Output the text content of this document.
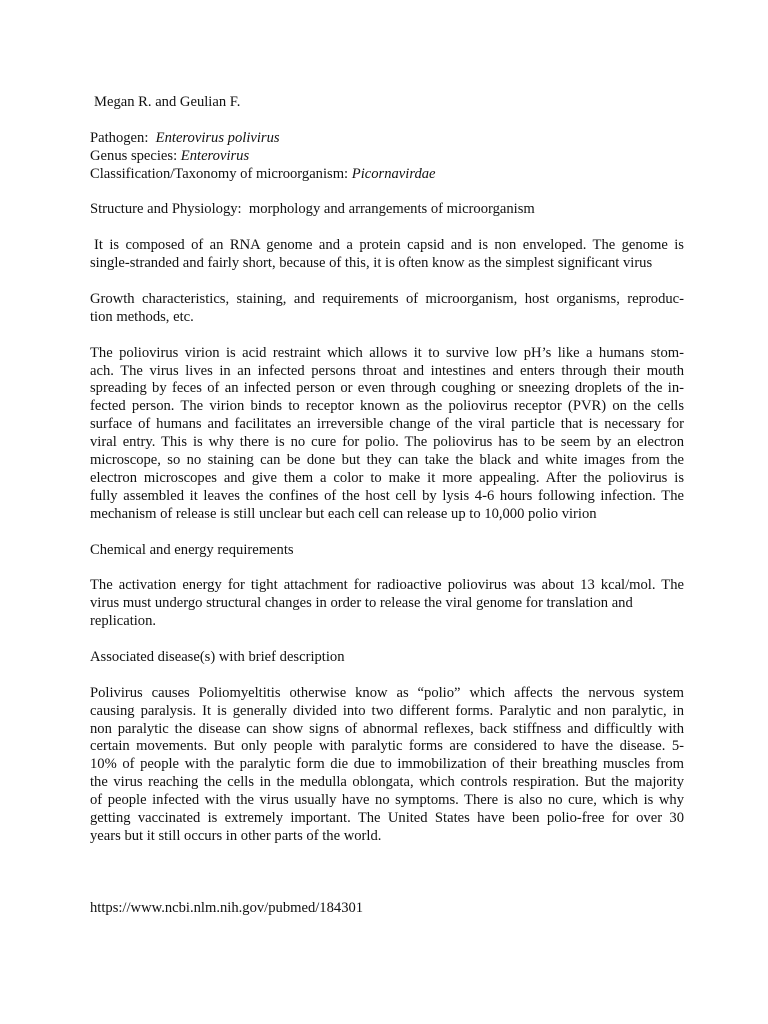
Megan R. and Geulian F.

Pathogen: Enterovirus polivirus
Genus species: Enterovirus
Classification/Taxonomy of microorganism: Picornavirdae

Structure and Physiology:  morphology and arrangements of microorganism

It is composed of an RNA genome and a protein capsid and is non enveloped. The genome is
single-stranded and fairly short, because of this, it is often know as the simplest significant virus

Growth characteristics, staining, and requirements of microorganism, host organisms, reproduc-
tion methods, etc.

The poliovirus virion is acid restraint which allows it to survive low pH’s like a humans stom-
ach. The virus lives in an infected persons throat and intestines and enters through their mouth
spreading by feces of an infected person or even through coughing or sneezing droplets of the in-
fected person. The virion binds to receptor known as the poliovirus receptor (PVR) on the cells
surface of humans and facilitates an irreversible change of the viral particle that is necessary for
viral entry. This is why there is no cure for polio. The poliovirus has to be seem by an electron
microscope, so no staining can be done but they can take the black and white images from the
electron microscopes and give them a color to make it more appealing. After the poliovirus is
fully assembled it leaves the confines of the host cell by lysis 4-6 hours following infection. The
mechanism of release is still unclear but each cell can release up to 10,000 polio virion

Chemical and energy requirements

The activation energy for tight attachment for radioactive poliovirus was about 13 kcal/mol. The
virus must undergo structural changes in order to release the viral genome for translation and
replication.

Associated disease(s) with brief description

Polivirus causes Poliomyeltitis otherwise know as “polio” which affects the nervous system
causing paralysis. It is generally divided into two different forms. Paralytic and non paralytic, in
non paralytic the disease can show signs of abnormal reflexes, back stiffness and difficultly with
certain movements. But only people with paralytic forms are considered to have the disease. 5-
10% of people with the paralytic form die due to immobilization of their breathing muscles from
the virus reaching the cells in the medulla oblongata, which controls respiration. But the majority
of people infected with the virus usually have no symptoms. There is also no cure, which is why
getting vaccinated is extremely important. The United States have been polio-free for over 30
years but it still occurs in other parts of the world.

https://www.ncbi.nlm.nih.gov/pubmed/184301
